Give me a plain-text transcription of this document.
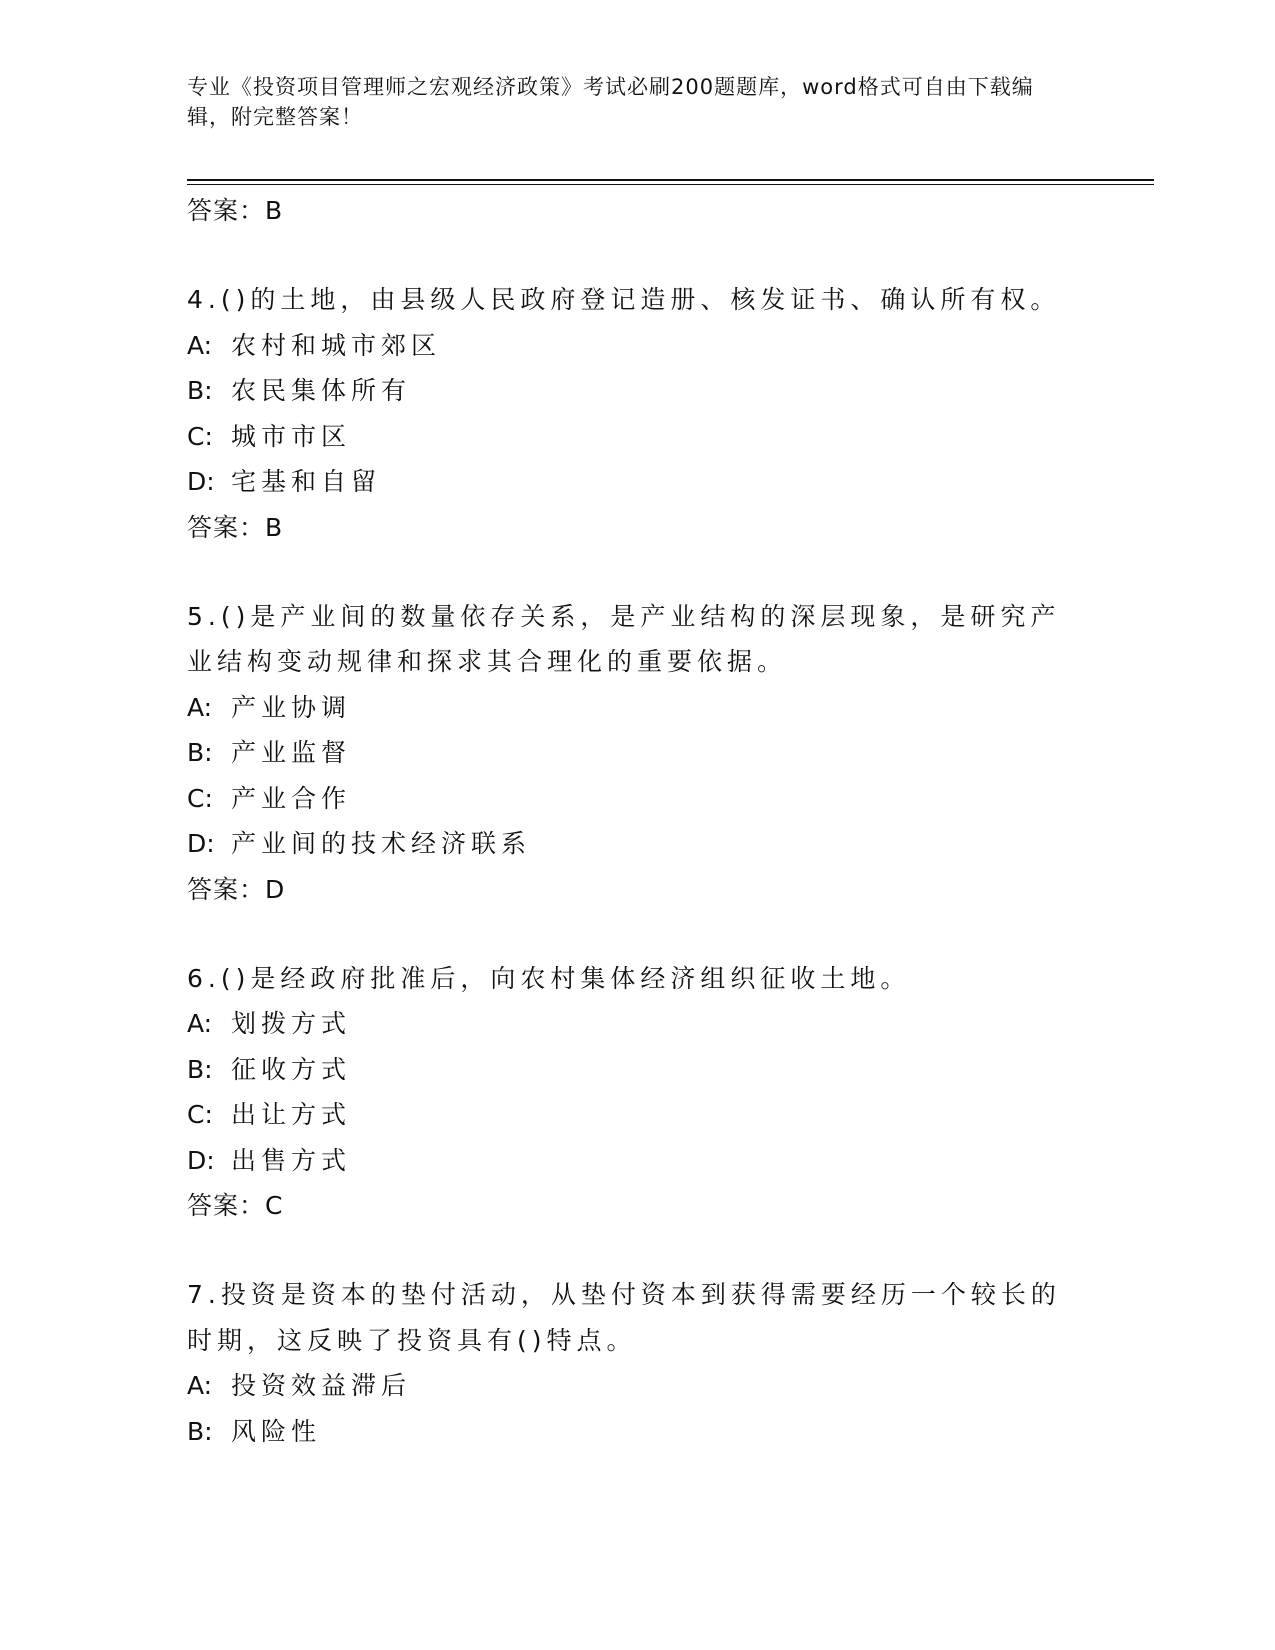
专业《投资项目管理师之宏观经济政策》考试必刷200题题库，word格式可自由下载编辑，附完整答案！

答案：B

4.()的土地，由县级人民政府登记造册、核发证书、确认所有权。

A: 农村和城市郊区

B: 农民集体所有

C: 城市市区

D: 宅基和自留

答案：B

5.()是产业间的数量依存关系，是产业结构的深层现象，是研究产业结构变动规律和探求其合理化的重要依据。

A: 产业协调

B: 产业监督

C: 产业合作

D: 产业间的技术经济联系

答案：D

6.()是经政府批准后，向农村集体经济组织征收土地。

A: 划拨方式

B: 征收方式

C: 出让方式

D: 出售方式

答案：C

7.投资是资本的垫付活动，从垫付资本到获得需要经历一个较长的时期，这反映了投资具有()特点。

A: 投资效益滞后

B: 风险性
